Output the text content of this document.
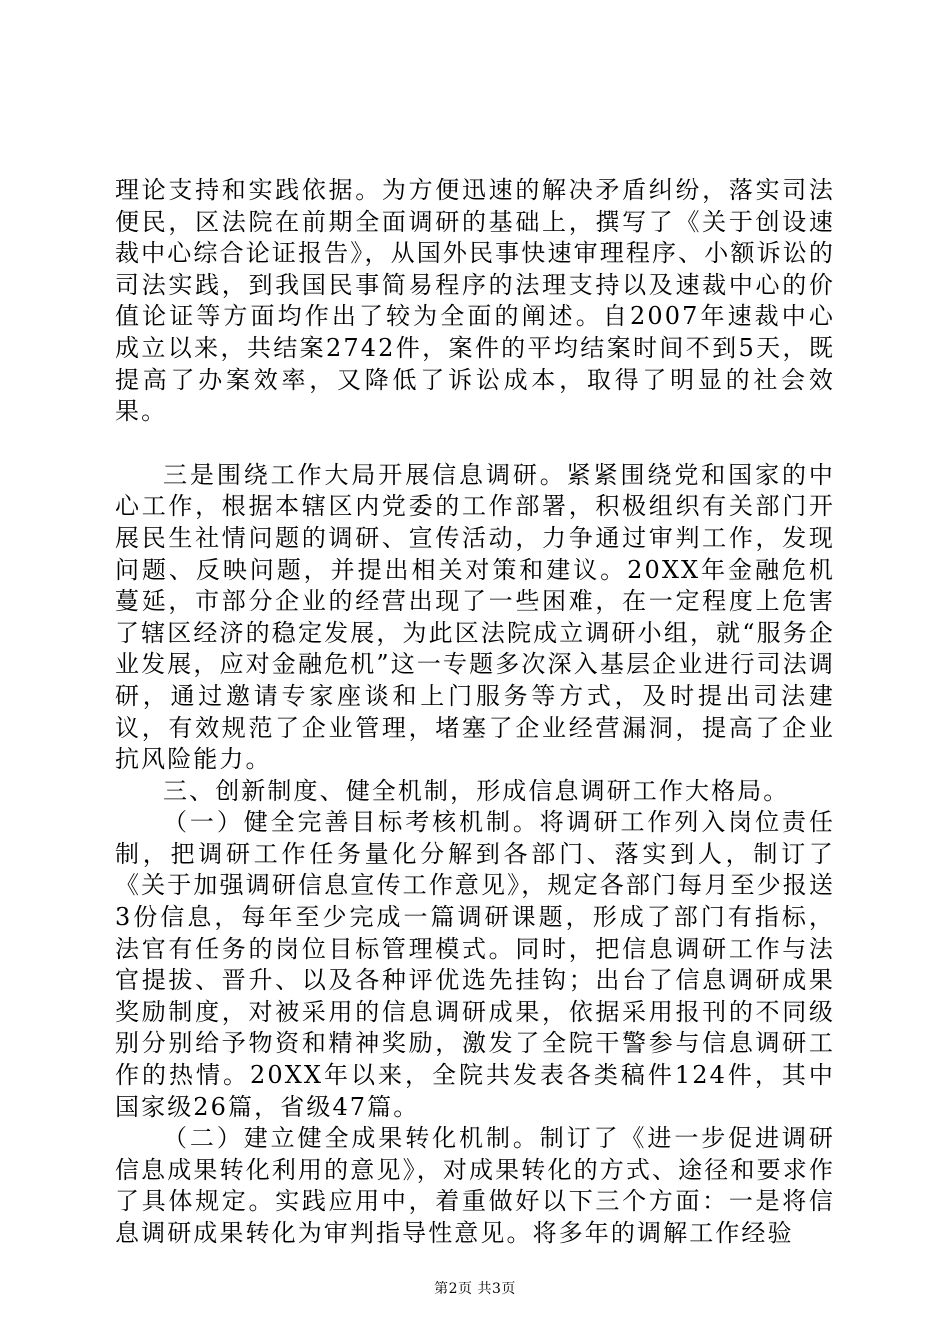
理论支持和实践依据。为方便迅速的解决矛盾纠纷，落实司法便民，区法院在前期全面调研的基础上，撰写了《关于创设速裁中心综合论证报告》，从国外民事快速审理程序、小额诉讼的司法实践，到我国民事简易程序的法理支持以及速裁中心的价值论证等方面均作出了较为全面的阐述。自2007年速裁中心成立以来，共结案2742件，案件的平均结案时间不到5天，既提高了办案效率，又降低了诉讼成本，取得了明显的社会效果。

三是围绕工作大局开展信息调研。紧紧围绕党和国家的中心工作，根据本辖区内党委的工作部署，积极组织有关部门开展民生社情问题的调研、宣传活动，力争通过审判工作，发现问题、反映问题，并提出相关对策和建议。20XX年金融危机蔓延，市部分企业的经营出现了一些困难，在一定程度上危害了辖区经济的稳定发展，为此区法院成立调研小组，就“服务企业发展，应对金融危机”这一专题多次深入基层企业进行司法调研，通过邀请专家座谈和上门服务等方式，及时提出司法建议，有效规范了企业管理，堵塞了企业经营漏洞，提高了企业抗风险能力。

三、创新制度、健全机制，形成信息调研工作大格局。

（一）健全完善目标考核机制。将调研工作列入岗位责任制，把调研工作任务量化分解到各部门、落实到人，制订了《关于加强调研信息宣传工作意见》，规定各部门每月至少报送3份信息，每年至少完成一篇调研课题，形成了部门有指标，法官有任务的岗位目标管理模式。同时，把信息调研工作与法官提拔、晋升、以及各种评优选先挂钩；出台了信息调研成果奖励制度，对被采用的信息调研成果，依据采用报刊的不同级别分别给予物资和精神奖励，激发了全院干警参与信息调研工作的热情。20XX年以来，全院共发表各类稿件124件，其中国家级26篇，省级47篇。

（二）建立健全成果转化机制。制订了《进一步促进调研信息成果转化利用的意见》，对成果转化的方式、途径和要求作了具体规定。实践应用中，着重做好以下三个方面：一是将信息调研成果转化为审判指导性意见。将多年的调解工作经验

第2页 共3页
